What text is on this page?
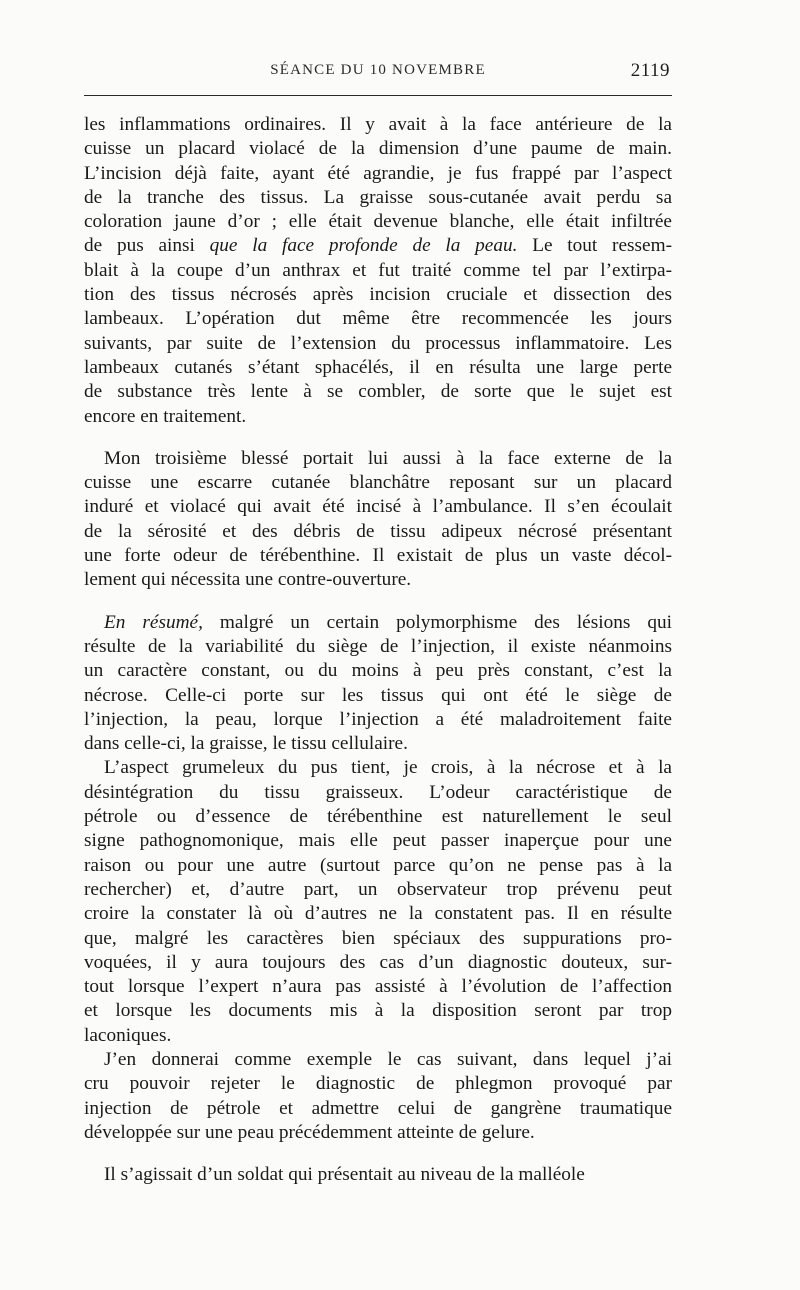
SÉANCE DU 10 NOVEMBRE	2119

les inflammations ordinaires. Il y avait à la face antérieure de la
cuisse un placard violacé de la dimension d’une paume de main.
L’incision déjà faite, ayant été agrandie, je fus frappé par l’aspect
de la tranche des tissus. La graisse sous-cutanée avait perdu sa
coloration jaune d’or ; elle était devenue blanche, elle était infiltrée
de pus ainsi que la face profonde de la peau. Le tout ressem-
blait à la coupe d’un anthrax et fut traité comme tel par l’extirpa-
tion des tissus nécrosés après incision cruciale et dissection des
lambeaux. L’opération dut même être recommencée les jours
suivants, par suite de l’extension du processus inflammatoire. Les
lambeaux cutanés s’étant sphacélés, il en résulta une large perte
de substance très lente à se combler, de sorte que le sujet est
encore en traitement.

Mon troisième blessé portait lui aussi à la face externe de la
cuisse une escarre cutanée blanchâtre reposant sur un placard
induré et violacé qui avait été incisé à l’ambulance. Il s’en écoulait
de la sérosité et des débris de tissu adipeux nécrosé présentant
une forte odeur de térébenthine. Il existait de plus un vaste décol-
lement qui nécessita une contre-ouverture.

En résumé, malgré un certain polymorphisme des lésions qui
résulte de la variabilité du siège de l’injection, il existe néanmoins
un caractère constant, ou du moins à peu près constant, c’est la
nécrose. Celle-ci porte sur les tissus qui ont été le siège de
l’injection, la peau, lorque l’injection a été maladroitement faite
dans celle-ci, la graisse, le tissu cellulaire.

L’aspect grumeleux du pus tient, je crois, à la nécrose et à la
désintégration du tissu graisseux. L’odeur caractéristique de
pétrole ou d’essence de térébenthine est naturellement le seul
signe pathognomonique, mais elle peut passer inaperçue pour une
raison ou pour une autre (surtout parce qu’on ne pense pas à la
rechercher) et, d’autre part, un observateur trop prévenu peut
croire la constater là où d’autres ne la constatent pas. Il en résulte
que, malgré les caractères bien spéciaux des suppurations pro-
voquées, il y aura toujours des cas d’un diagnostic douteux, sur-
tout lorsque l’expert n’aura pas assisté à l’évolution de l’affection
et lorsque les documents mis à la disposition seront par trop
laconiques.

J’en donnerai comme exemple le cas suivant, dans lequel j’ai
cru pouvoir rejeter le diagnostic de phlegmon provoqué par
injection de pétrole et admettre celui de gangrène traumatique
développée sur une peau précédemment atteinte de gelure.

Il s’agissait d’un soldat qui présentait au niveau de la malléole
